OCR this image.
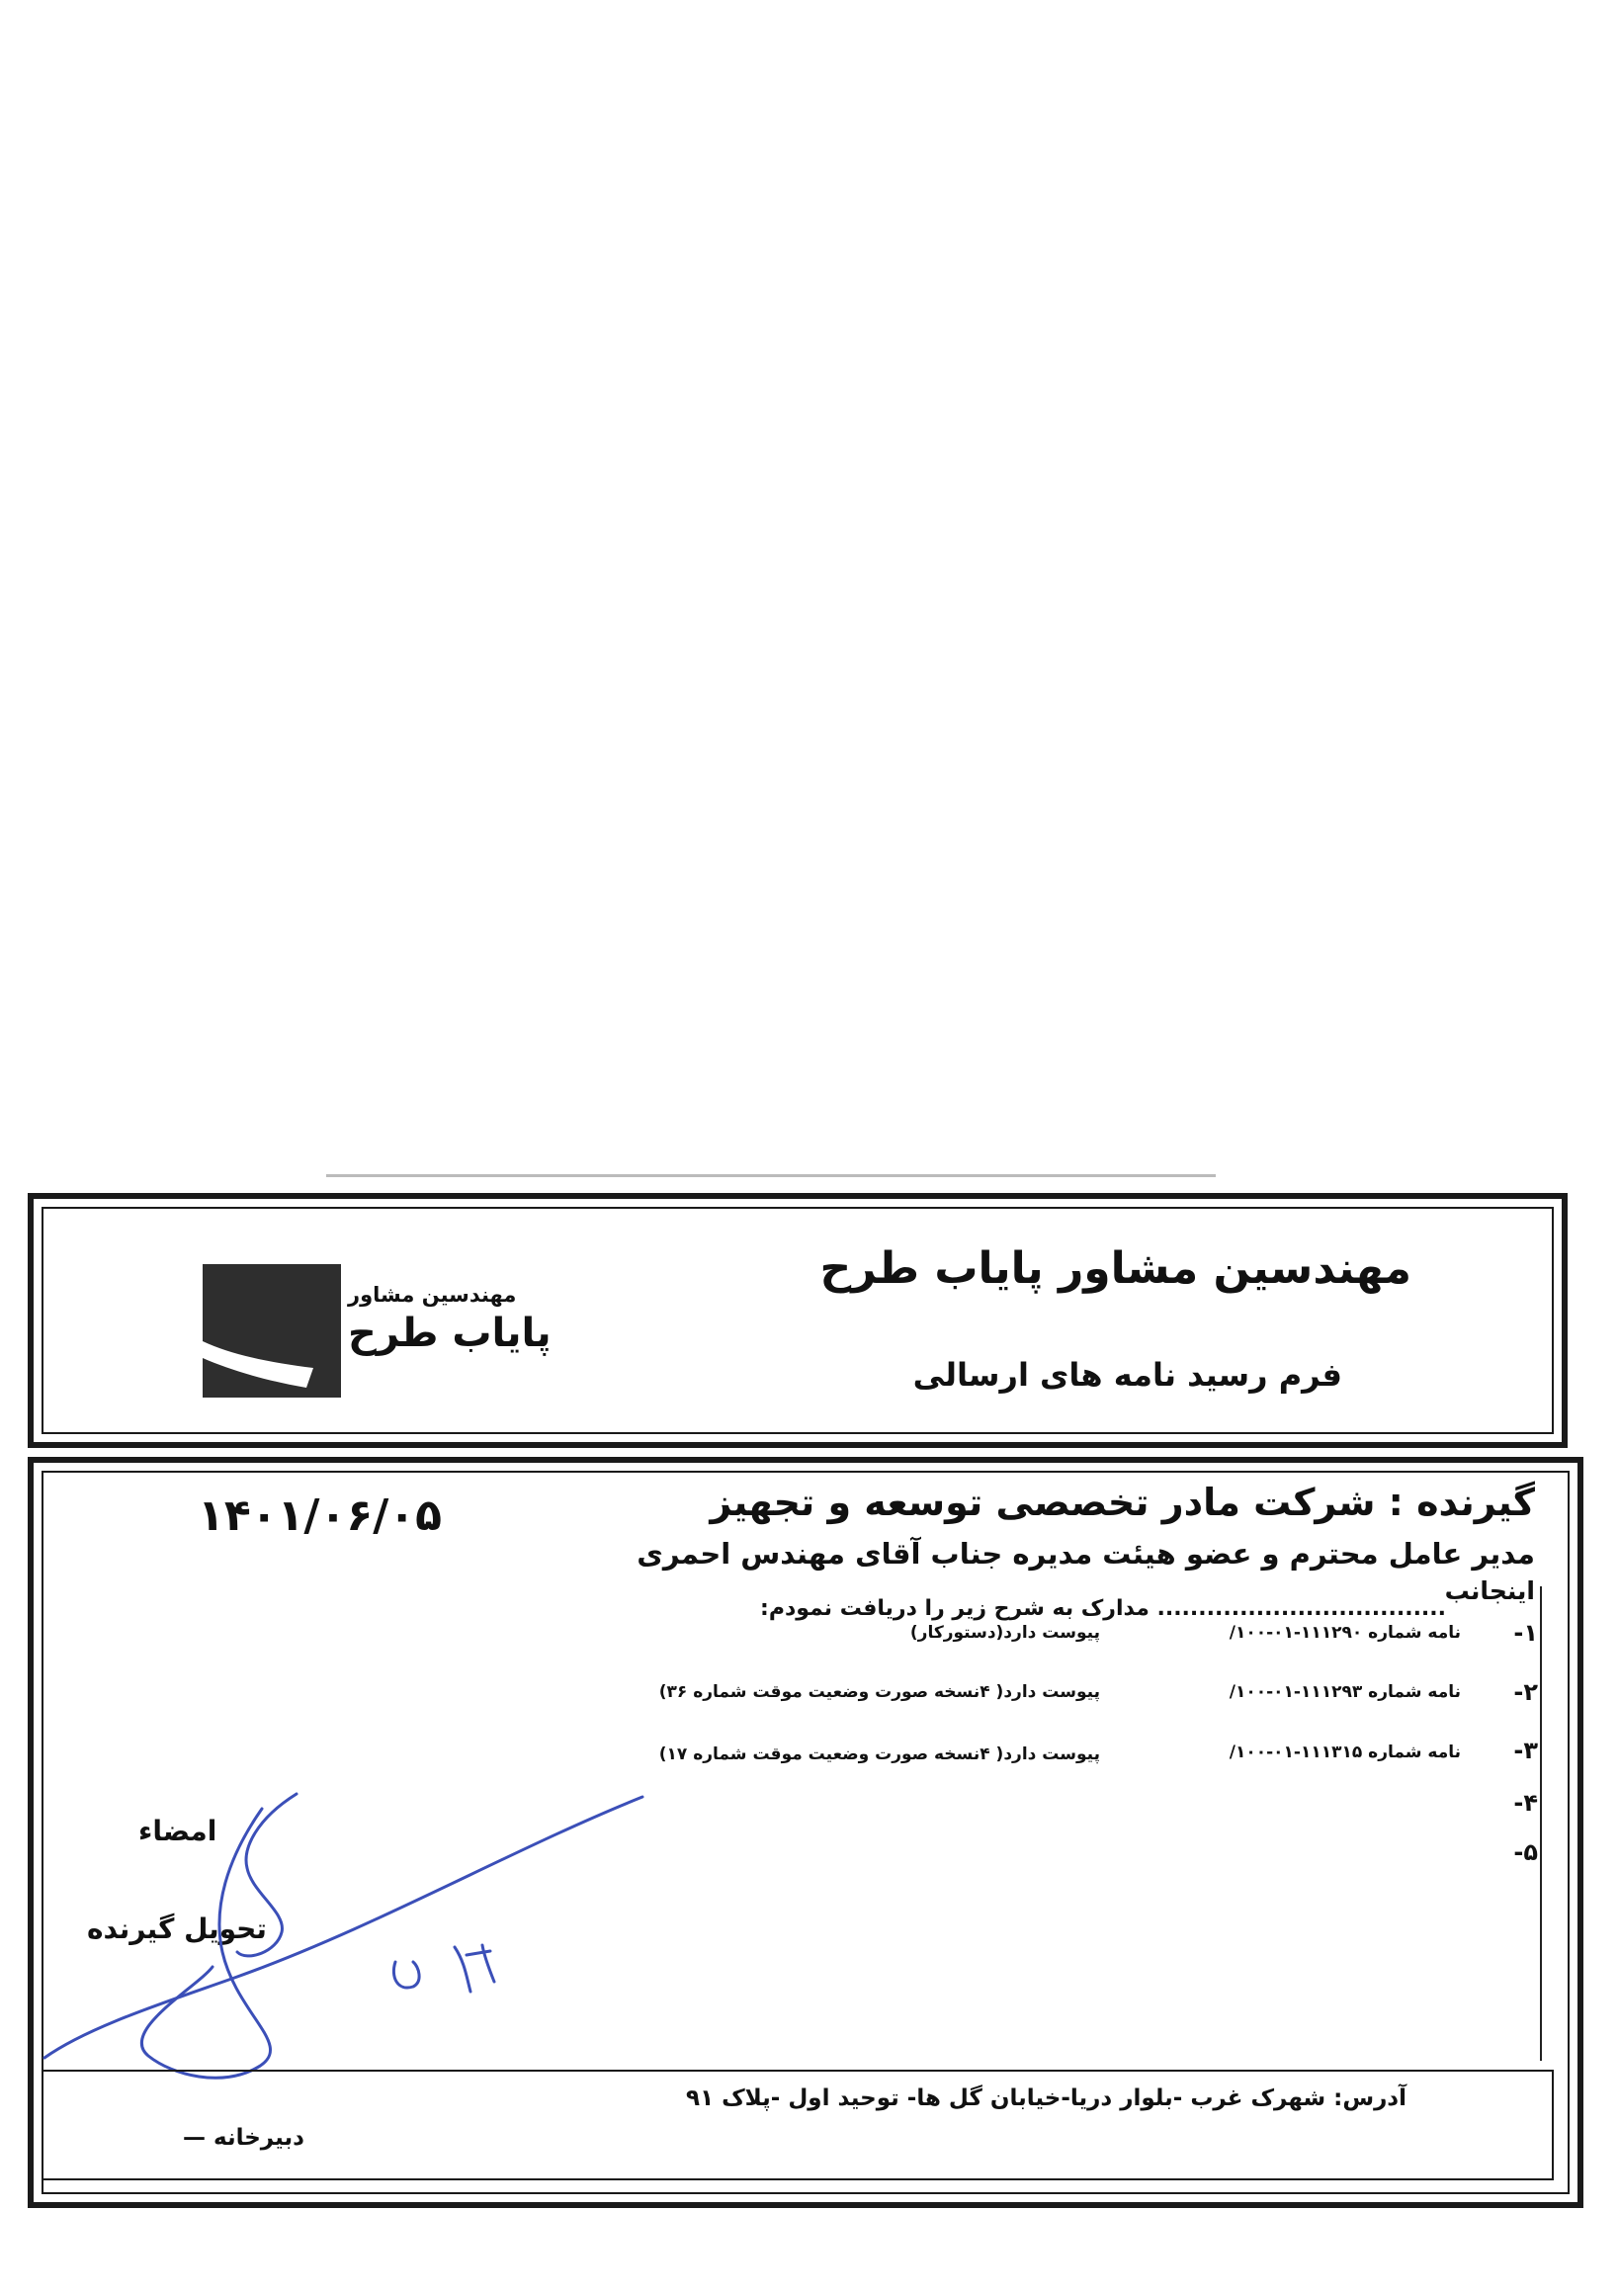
مهندسین مشاور پایاب طرح
فرم رسید نامه های ارسالی
مهندسین مشاور
پایاب طرح
۱۴۰۱/۰۶/۰۵	گیرنده : شرکت مادر تخصصی توسعه و تجهیز
مدیر عامل محترم و عضو هیئت مدیره جناب آقای مهندس احمری
اینجانب
................................... مدارک به شرح زیر را دریافت نمودم:
۱-
نامه شماره ۱۱۱۲۹۰-۰۱-۱۰۰/
پیوست دارد(دستورکار)
۲-
نامه شماره ۱۱۱۲۹۳-۰۱-۱۰۰/
پیوست دارد( ۴نسخه صورت وضعیت موقت شماره ۳۶)
۳-
نامه شماره ۱۱۱۳۱۵-۰۱-۱۰۰/
پیوست دارد( ۴نسخه صورت وضعیت موقت شماره ۱۷)
۴-
۵-
امضاء
تحویل گیرنده
آدرس: شهرک غرب -بلوار دریا-خیابان گل ها- توحید اول -پلاک ۹۱
دبیرخانه —
